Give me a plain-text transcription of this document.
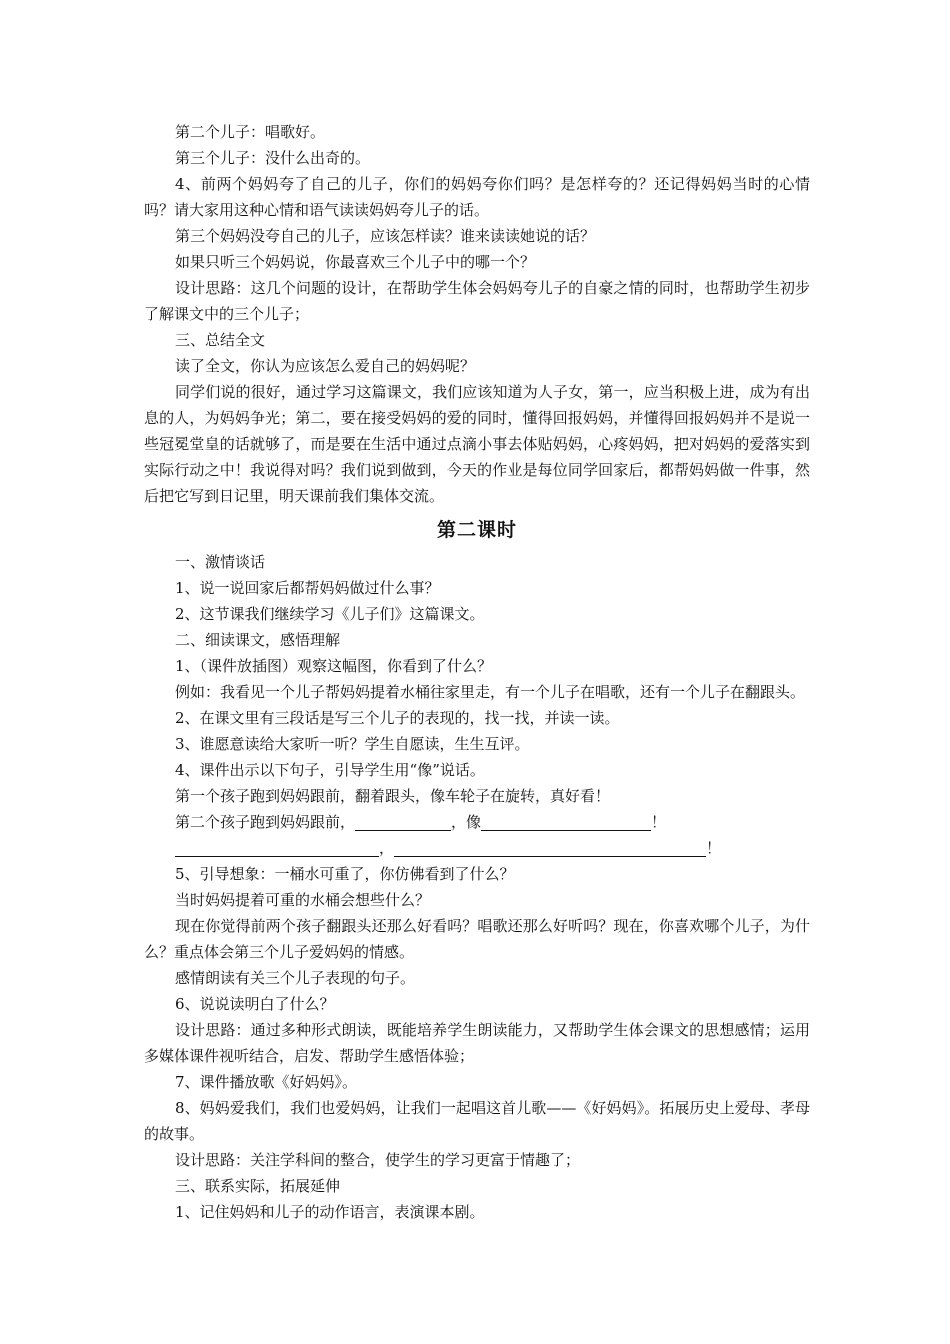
第二个儿子：唱歌好。

第三个儿子：没什么出奇的。

4、前两个妈妈夸了自己的儿子，你们的妈妈夸你们吗？是怎样夸的？还记得妈妈当时的心情吗？请大家用这种心情和语气读读妈妈夸儿子的话。

第三个妈妈没夸自己的儿子，应该怎样读？谁来读读她说的话？

如果只听三个妈妈说，你最喜欢三个儿子中的哪一个？

设计思路：这几个问题的设计，在帮助学生体会妈妈夸儿子的自豪之情的同时，也帮助学生初步了解课文中的三个儿子；

三、总结全文

读了全文，你认为应该怎么爱自己的妈妈呢？

同学们说的很好，通过学习这篇课文，我们应该知道为人子女，第一，应当积极上进，成为有出息的人，为妈妈争光；第二，要在接受妈妈的爱的同时，懂得回报妈妈，并懂得回报妈妈并不是说一些冠冕堂皇的话就够了，而是要在生活中通过点滴小事去体贴妈妈，心疼妈妈，把对妈妈的爱落实到实际行动之中！我说得对吗？我们说到做到，今天的作业是每位同学回家后，都帮妈妈做一件事，然后把它写到日记里，明天课前我们集体交流。

第二课时

一、激情谈话

1、说一说回家后都帮妈妈做过什么事？

2、这节课我们继续学习《儿子们》这篇课文。

二、细读课文，感悟理解

1、（课件放插图）观察这幅图，你看到了什么？

例如：我看见一个儿子帮妈妈提着水桶往家里走，有一个儿子在唱歌，还有一个儿子在翻跟头。

2、在课文里有三段话是写三个儿子的表现的，找一找，并读一读。

3、谁愿意读给大家听一听？学生自愿读，生生互评。

4、课件出示以下句子，引导学生用“像”说话。

第一个孩子跑到妈妈跟前，翻着跟头，像车轮子在旋转，真好看！

第二个孩子跑到妈妈跟前，	，像	！

，	！

5、引导想象：一桶水可重了，你仿佛看到了什么？

当时妈妈提着可重的水桶会想些什么？

现在你觉得前两个孩子翻跟头还那么好看吗？唱歌还那么好听吗？现在，你喜欢哪个儿子，为什么？重点体会第三个儿子爱妈妈的情感。

感情朗读有关三个儿子表现的句子。

6、说说读明白了什么？

设计思路：通过多种形式朗读，既能培养学生朗读能力，又帮助学生体会课文的思想感情；运用多媒体课件视听结合，启发、帮助学生感悟体验；

7、课件播放歌《好妈妈》。

8、妈妈爱我们，我们也爱妈妈，让我们一起唱这首儿歌——《好妈妈》。拓展历史上爱母、孝母的故事。

设计思路：关注学科间的整合，使学生的学习更富于情趣了；

三、联系实际，拓展延伸

1、记住妈妈和儿子的动作语言，表演课本剧。
